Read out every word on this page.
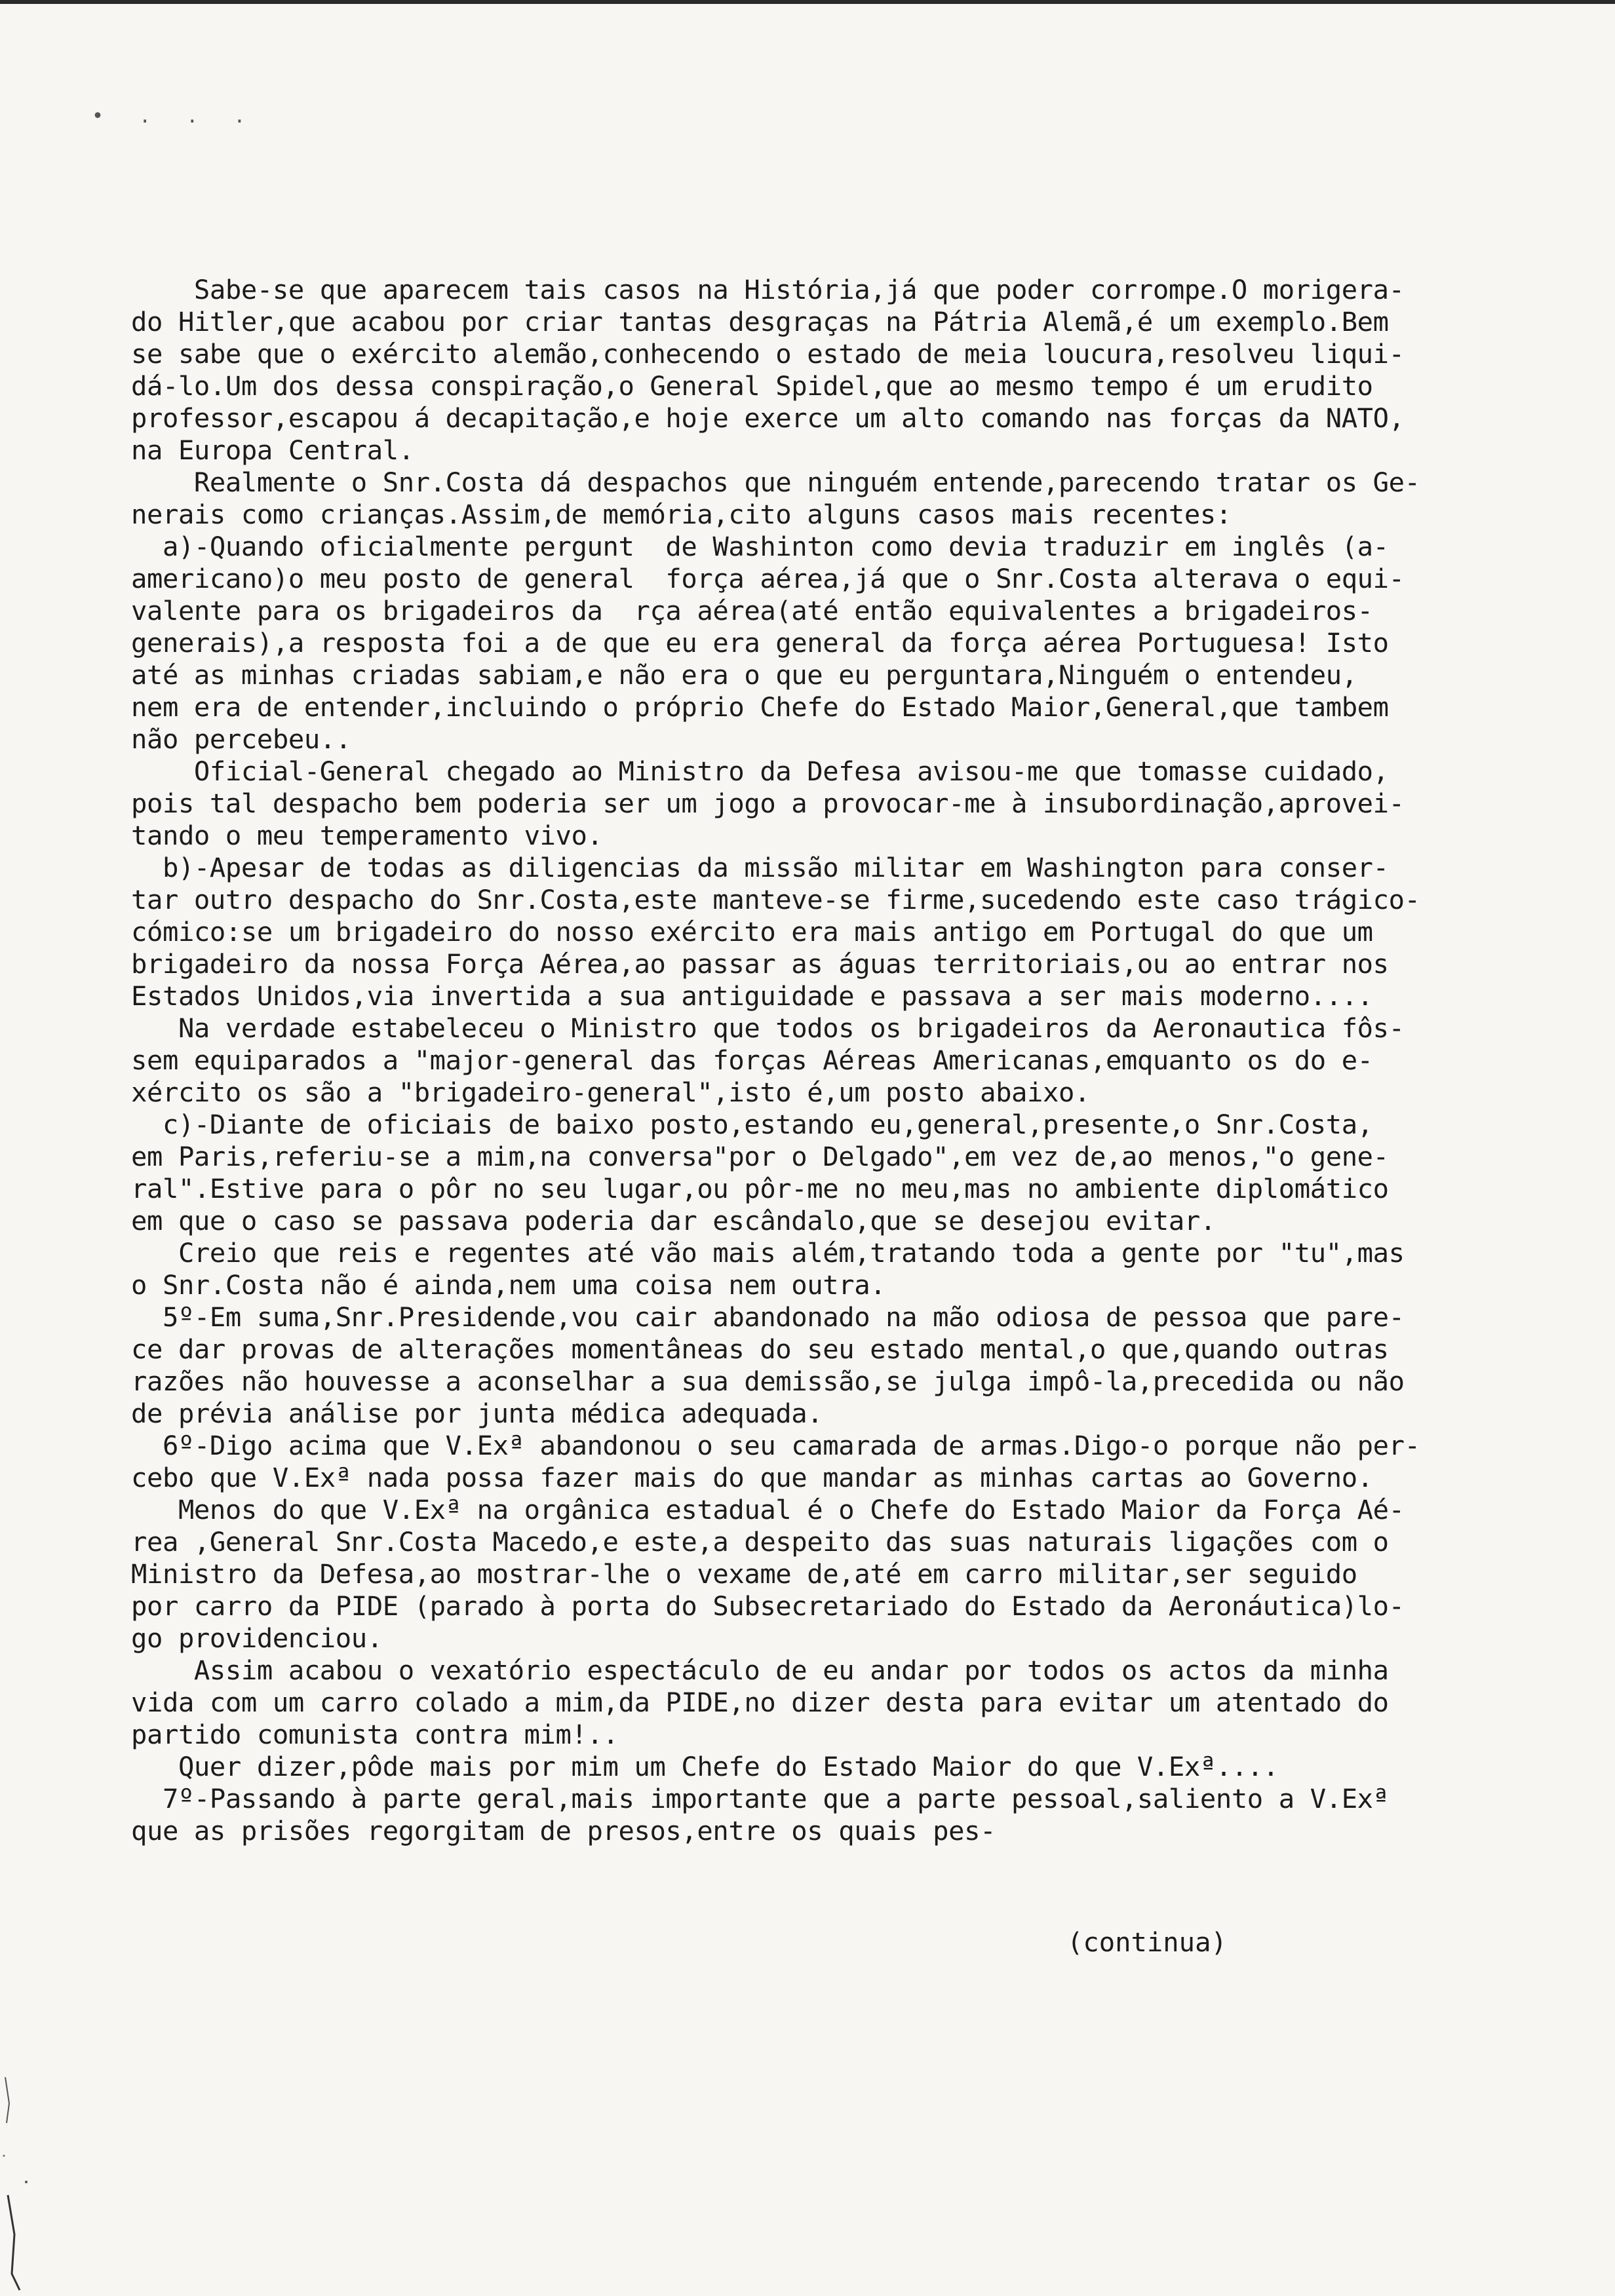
• . . .
Sabe-se que aparecem tais casos na História,já que poder corrompe.O morigera-
do Hitler,que acabou por criar tantas desgraças na Pátria Alemã,é um exemplo.Bem
se sabe que o exército alemão,conhecendo o estado de meia loucura,resolveu liqui-
dá-lo.Um dos dessa conspiração,o General Spidel,que ao mesmo tempo é um erudito
professor,escapou á decapitação,e hoje exerce um alto comando nas forças da NATO,
na Europa Central.
Realmente o Snr.Costa dá despachos que ninguém entende,parecendo tratar os Ge-
nerais como crianças.Assim,de memória,cito alguns casos mais recentes:
a)-Quando oficialmente pergunt  de Washinton como devia traduzir em inglês (a-
americano)o meu posto de general  força aérea,já que o Snr.Costa alterava o equi-
valente para os brigadeiros da  rça aérea(até então equivalentes a brigadeiros-
generais),a resposta foi a de que eu era general da força aérea Portuguesa! Isto
até as minhas criadas sabiam,e não era o que eu perguntara,Ninguém o entendeu,
nem era de entender,incluindo o próprio Chefe do Estado Maior,General,que tambem
não percebeu..
Oficial-General chegado ao Ministro da Defesa avisou-me que tomasse cuidado,
pois tal despacho bem poderia ser um jogo a provocar-me à insubordinação,aprovei-
tando o meu temperamento vivo.
b)-Apesar de todas as diligencias da missão militar em Washington para conser-
tar outro despacho do Snr.Costa,este manteve-se firme,sucedendo este caso trágico-
cómico:se um brigadeiro do nosso exército era mais antigo em Portugal do que um
brigadeiro da nossa Força Aérea,ao passar as águas territoriais,ou ao entrar nos
Estados Unidos,via invertida a sua antiguidade e passava a ser mais moderno....
Na verdade estabeleceu o Ministro que todos os brigadeiros da Aeronautica fôs-
sem equiparados a "major-general das forças Aéreas Americanas,emquanto os do e-
xército os são a "brigadeiro-general",isto é,um posto abaixo.
c)-Diante de oficiais de baixo posto,estando eu,general,presente,o Snr.Costa,
em Paris,referiu-se a mim,na conversa"por o Delgado",em vez de,ao menos,"o gene-
ral".Estive para o pôr no seu lugar,ou pôr-me no meu,mas no ambiente diplomático
em que o caso se passava poderia dar escândalo,que se desejou evitar.
Creio que reis e regentes até vão mais além,tratando toda a gente por "tu",mas
o Snr.Costa não é ainda,nem uma coisa nem outra.
5º-Em suma,Snr.Presidende,vou cair abandonado na mão odiosa de pessoa que pare-
ce dar provas de alterações momentâneas do seu estado mental,o que,quando outras
razões não houvesse a aconselhar a sua demissão,se julga impô-la,precedida ou não
de prévia análise por junta médica adequada.
6º-Digo acima que V.Exª abandonou o seu camarada de armas.Digo-o porque não per-
cebo que V.Exª nada possa fazer mais do que mandar as minhas cartas ao Governo.
Menos do que V.Exª na orgânica estadual é o Chefe do Estado Maior da Força Aé-
rea ,General Snr.Costa Macedo,e este,a despeito das suas naturais ligações com o
Ministro da Defesa,ao mostrar-lhe o vexame de,até em carro militar,ser seguido
por carro da PIDE (parado à porta do Subsecretariado do Estado da Aeronáutica)lo-
go providenciou.
Assim acabou o vexatório espectáculo de eu andar por todos os actos da minha
vida com um carro colado a mim,da PIDE,no dizer desta para evitar um atentado do
partido comunista contra mim!..
Quer dizer,pôde mais por mim um Chefe do Estado Maior do que V.Exª....
7º-Passando à parte geral,mais importante que a parte pessoal,saliento a V.Exª
que as prisões regorgitam de presos,entre os quais pes-
(continua)
